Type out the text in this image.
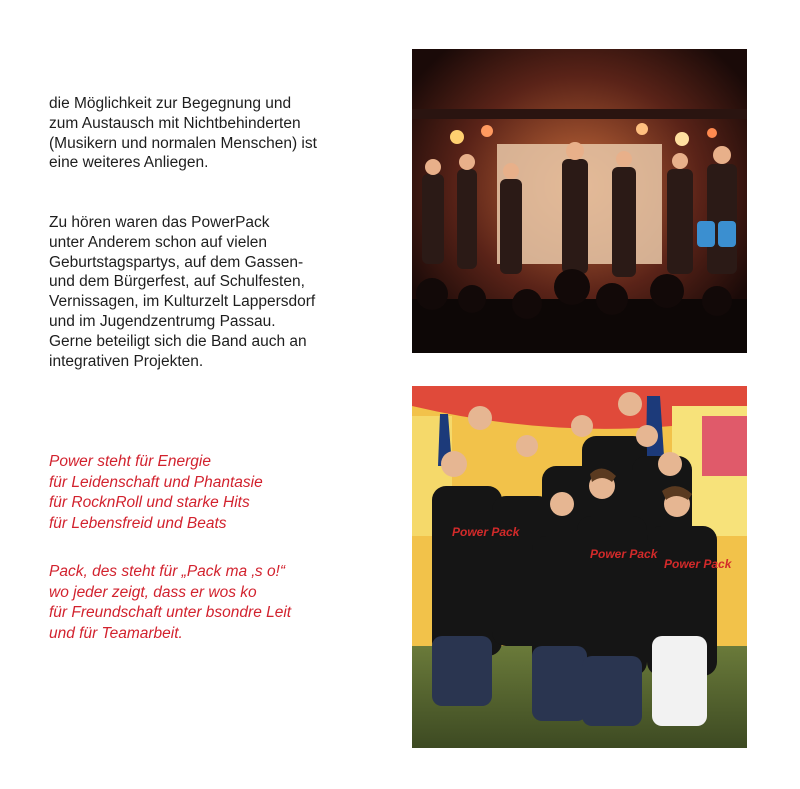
die Möglichkeit zur Begegnung und
zum Austausch mit Nichtbehinderten
(Musikern und normalen Menschen) ist
eine weiteres Anliegen.
Zu hören waren das PowerPack
unter Anderem schon auf vielen
Geburtstagspartys, auf dem Gassen-
und dem Bürgerfest, auf Schulfesten,
Vernissagen, im Kulturzelt Lappersdorf
und im Jugendzentrumg Passau.
Gerne beteiligt sich die Band auch an
integrativen Projekten.
Power steht für Energie
für Leidenschaft und Phantasie
für RocknRoll und starke Hits
für Lebensfreid und Beats
Pack, des steht für „Pack ma ‚s o!“
wo jeder zeigt, dass er wos ko
für Freundschaft unter bsondre Leit
und für Teamarbeit.
Power Pack
Power Pack
Power Pack
